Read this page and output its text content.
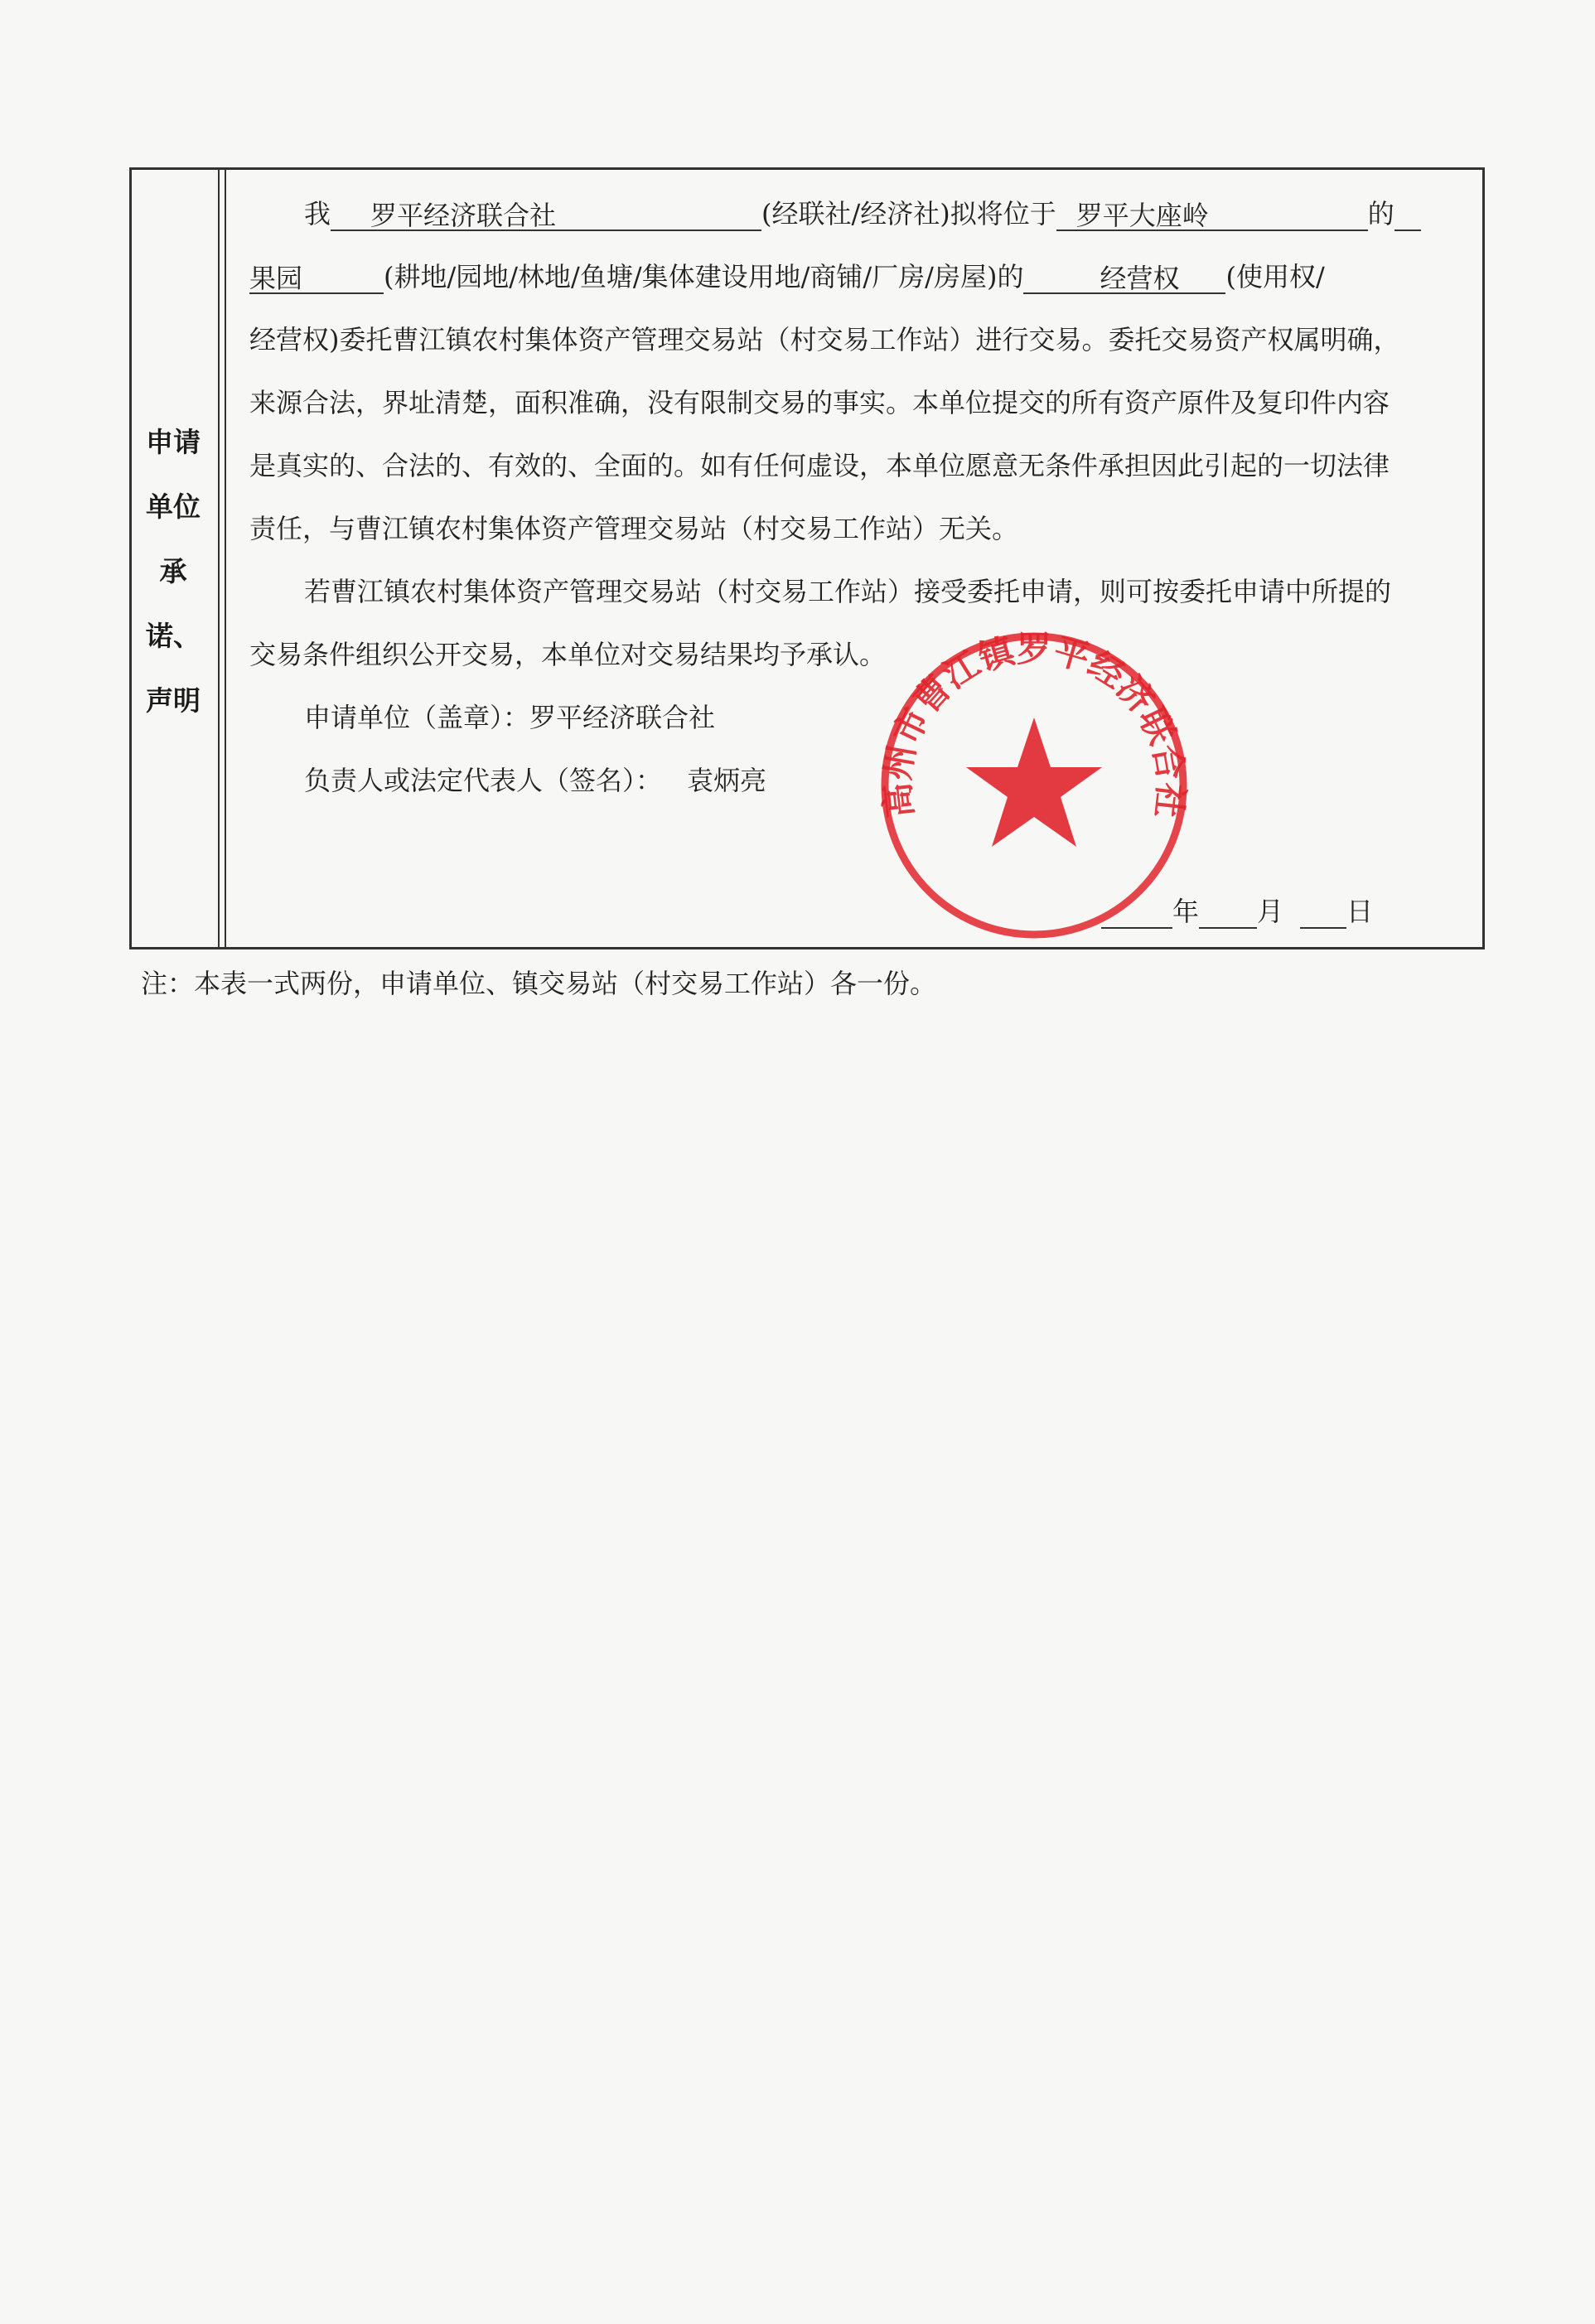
申请
单位
承
诺、
声明
我 罗平经济联合社	(经联社/经济社)拟将位于 罗平大座岭	的
果园	(耕地/园地/林地/鱼塘/集体建设用地/商铺/厂房/房屋)的	经营权 (使用权/
经营权)委托曹江镇农村集体资产管理交易站（村交易工作站）进行交易。委托交易资产权属明确，
来源合法，界址清楚，面积准确，没有限制交易的事实。本单位提交的所有资产原件及复印件内容
是真实的、合法的、有效的、全面的。如有任何虚设，本单位愿意无条件承担因此引起的一切法律
责任，与曹江镇农村集体资产管理交易站（村交易工作站）无关。
若曹江镇农村集体资产管理交易站（村交易工作站）接受委托申请，则可按委托申请中所提的
交易条件组织公开交易，本单位对交易结果均予承认。
申请单位（盖章）：罗平经济联合社
负责人或法定代表人（签名）： 袁炳亮
年 月 日
高州市曹江镇罗平经济联合社
注：本表一式两份，申请单位、镇交易站（村交易工作站）各一份。
